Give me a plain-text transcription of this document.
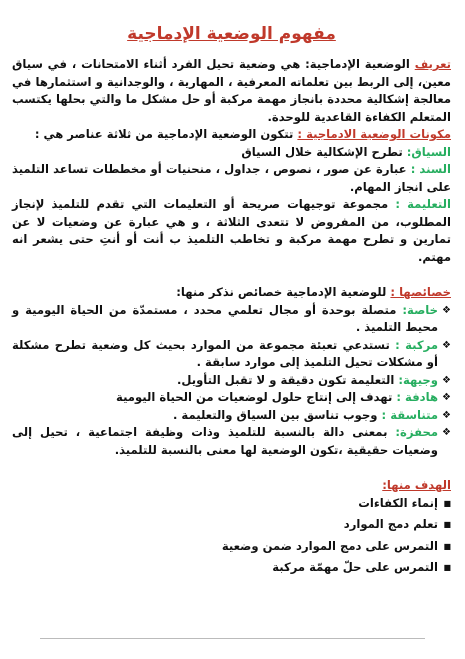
مفهوم الوضعية الإدماجية

تعريف الوضعية الإدماجية: هي وضعية تحيل الفرد أثناء الامتحانات ، في سياق معين، إلى الربط بين تعلماته المعرفية ، المهارية ، والوجدانية و استثمارها في معالجة إشكالية محددة بانجاز مهمة مركبة أو حل مشكل ما والتي بحلها يكتسب المتعلم الكفاءة القاعدية للوحدة.

مكونات الوضعية الادماجية : تتكون الوضعية الإدماجية من ثلاثة عناصر هي :

السياق: تطرح الإشكالية خلال السياق

السند : عبارة عن صور ، نصوص ، جداول ، منحنيات أو مخططات تساعد التلميذ على انجاز المهام.

التعليمة : مجموعة توجيهات صريحة أو التعليمات التي تقدم للتلميذ لإنجاز المطلوب، من المفروض لا تتعدى الثلاثة ، و هي عبارة عن وضعيات لا عن تمارين و تطرح مهمة مركبة و تخاطب التلميذ ب أنت أو أنتِ حتى يشعر انه مهتم.

خصائصها : للوضعية الإدماجية خصائص نذكر منها:

❖ خاصة: متصلة بوحدة أو مجال تعلمي محدد ، مستمدّة من الحياة اليومية و محيط التلميذ .
❖ مركبة : تستدعي تعبئة مجموعة من الموارد بحيث كل وضعية تطرح مشكلة أو مشكلات تحيل التلميذ إلى موارد سابقة .
❖ وجيهة: التعليمة تكون دقيقة و لا تقبل التأويل.
❖ هادفة : تهدف إلى إنتاج حلول لوضعيات من الحياة اليومية
❖ متناسقة : وجوب تناسق بين السياق والتعليمة .
❖ محفزة: بمعنى دالة بالنسبة للتلميذ وذات وظيفة اجتماعية ، تحيل إلى وضعيات حقيقية ،تكون الوضعية لها معنى بالنسبة للتلميذ.

الهدف منها:

■ إنماء الكفاءات
■ تعلم دمج الموارد
■ التمرس على دمج الموارد ضمن وضعية
■ التمرس على حلّ مهمّة مركبة
